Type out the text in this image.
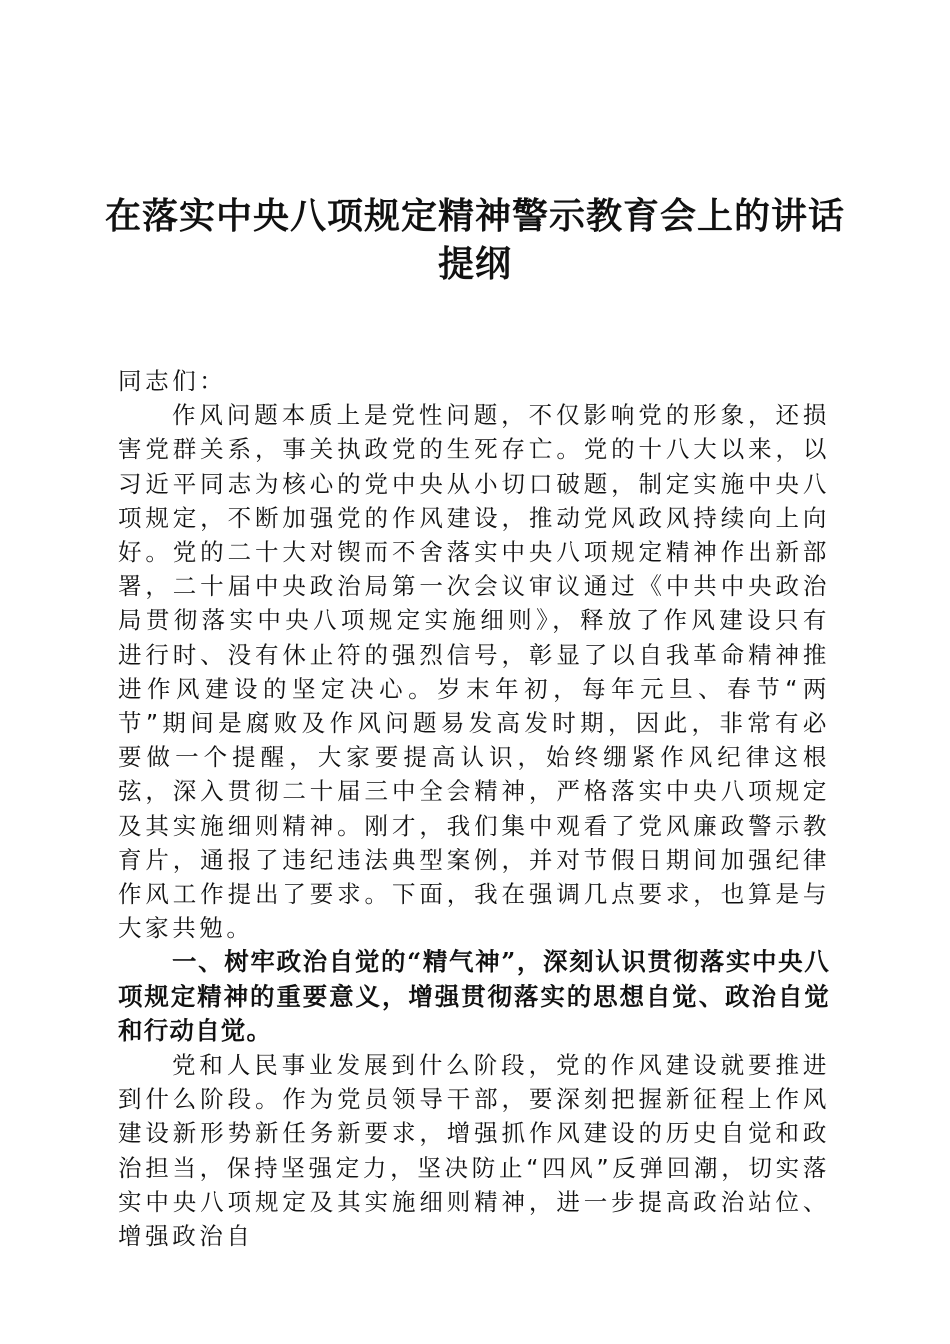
在落实中央八项规定精神警示教育会上的讲话
提纲

同志们：

作风问题本质上是党性问题，不仅影响党的形象，还损害党群关系，事关执政党的生死存亡。党的十八大以来，以习近平同志为核心的党中央从小切口破题，制定实施中央八项规定，不断加强党的作风建设，推动党风政风持续向上向好。党的二十大对锲而不舍落实中央八项规定精神作出新部署，二十届中央政治局第一次会议审议通过《中共中央政治局贯彻落实中央八项规定实施细则》，释放了作风建设只有进行时、没有休止符的强烈信号，彰显了以自我革命精神推进作风建设的坚定决心。岁末年初，每年元旦、春节“两节”期间是腐败及作风问题易发高发时期，因此，非常有必要做一个提醒，大家要提高认识，始终绷紧作风纪律这根弦，深入贯彻二十届三中全会精神，严格落实中央八项规定及其实施细则精神。刚才，我们集中观看了党风廉政警示教育片，通报了违纪违法典型案例，并对节假日期间加强纪律作风工作提出了要求。下面，我在强调几点要求，也算是与大家共勉。

一、树牢政治自觉的“精气神”，深刻认识贯彻落实中央八项规定精神的重要意义，增强贯彻落实的思想自觉、政治自觉和行动自觉。

党和人民事业发展到什么阶段，党的作风建设就要推进到什么阶段。作为党员领导干部，要深刻把握新征程上作风建设新形势新任务新要求，增强抓作风建设的历史自觉和政治担当，保持坚强定力，坚决防止“四风”反弹回潮，切实落实中央八项规定及其实施细则精神，进一步提高政治站位、增强政治自
